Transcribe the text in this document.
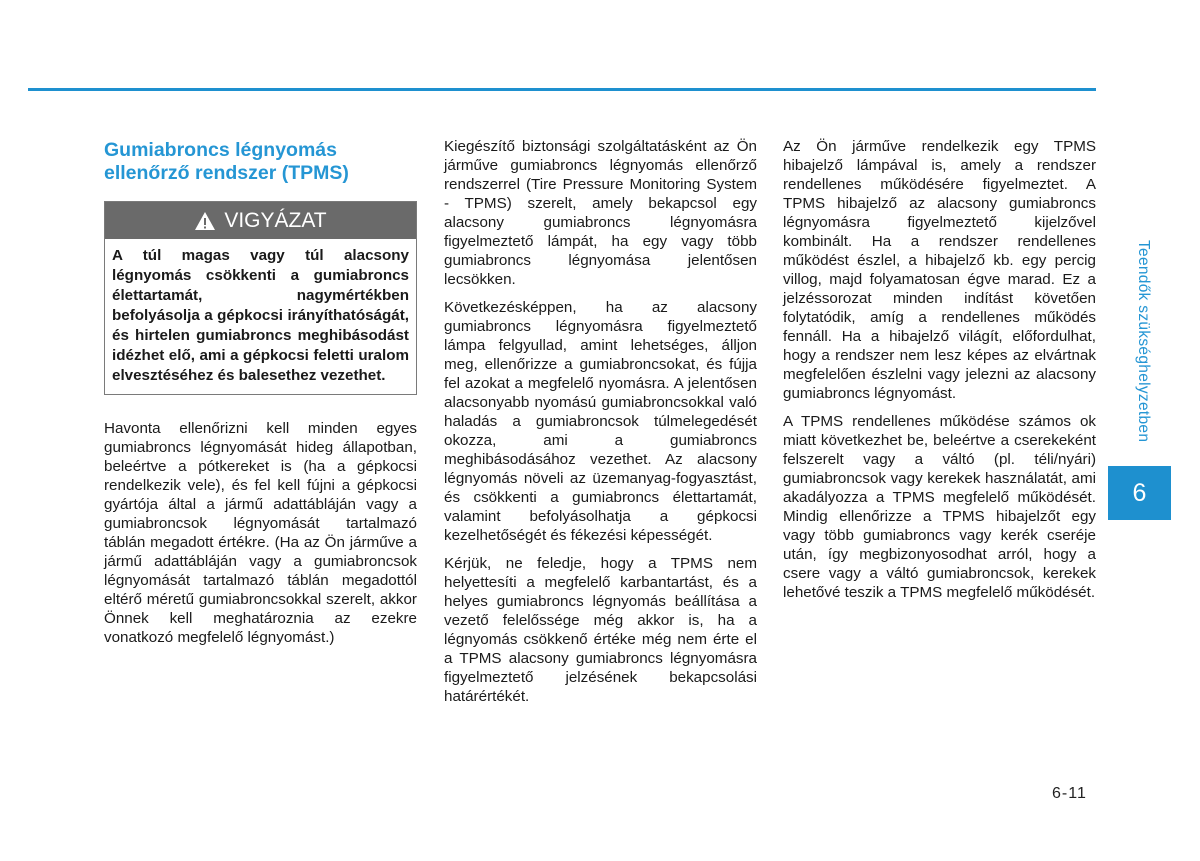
Gumiabroncs légnyomás
ellenőrző rendszer (TPMS)
VIGYÁZAT
A túl magas vagy túl alacsony légnyomás csökkenti a gumiabroncs élettartamát, nagymértékben befolyásolja a gépkocsi irányíthatóságát, és hirtelen gumiabroncs meghibásodást idézhet elő, ami a gépkocsi feletti uralom elvesztéséhez és balesethez vezethet.

Havonta ellenőrizni kell minden egyes gumiabroncs légnyomását hideg állapotban, beleértve a pótkereket is (ha a gépkocsi rendelkezik vele), és fel kell fújni a gépkocsi gyártója által a jármű adattábláján vagy a gumiabroncsok légnyomását tartalmazó táblán megadott értékre. (Ha az Ön járműve a jármű adattábláján vagy a gumiabroncsok légnyomását tartalmazó táblán megadottól eltérő méretű gumiabroncsokkal szerelt, akkor Önnek kell meghatároznia az ezekre vonatkozó megfelelő légnyomást.)

Kiegészítő biztonsági szolgáltatásként az Ön járműve gumiabroncs légnyomás ellenőrző rendszerrel (Tire Pressure Monitoring System - TPMS) szerelt, amely bekapcsol egy alacsony gumiabroncs légnyomásra figyelmeztető lámpát, ha egy vagy több gumiabroncs légnyomása jelentősen lecsökken.

Következésképpen, ha az alacsony gumiabroncs légnyomásra figyelmeztető lámpa felgyullad, amint lehetséges, álljon meg, ellenőrizze a gumiabroncsokat, és fújja fel azokat a megfelelő nyomásra. A jelentősen alacsonyabb nyomású gumiabroncsokkal való haladás a gumiabroncsok túlmelegedését okozza, ami a gumiabroncs meghibásodásához vezethet. Az alacsony légnyomás növeli az üzemanyag-fogyasztást, és csökkenti a gumiabroncs élettartamát, valamint befolyásolhatja a gépkocsi kezelhetőségét és fékezési képességét.

Kérjük, ne feledje, hogy a TPMS nem helyettesíti a megfelelő karbantartást, és a helyes gumiabroncs légnyomás beállítása a vezető felelőssége még akkor is, ha a légnyomás csökkenő értéke még nem érte el a TPMS alacsony gumiabroncs légnyomásra figyelmeztető jelzésének bekapcsolási határértékét.

Az Ön járműve rendelkezik egy TPMS hibajelző lámpával is, amely a rendszer rendellenes működésére figyelmeztet. A TPMS hibajelző az alacsony gumiabroncs légnyomásra figyelmeztető kijelzővel kombinált. Ha a rendszer rendellenes működést észlel, a hibajelző kb. egy percig villog, majd folyamatosan égve marad. Ez a jelzéssorozat minden indítást követően folytatódik, amíg a rendellenes működés fennáll. Ha a hibajelző világít, előfordulhat, hogy a rendszer nem lesz képes az elvártnak megfelelően észlelni vagy jelezni az alacsony gumiabroncs légnyomást.

A TPMS rendellenes működése számos ok miatt következhet be, beleértve a cserekeként felszerelt vagy a váltó (pl. téli/nyári) gumiabroncsok vagy kerekek használatát, ami akadályozza a TPMS megfelelő működését. Mindig ellenőrizze a TPMS hibajelzőt egy vagy több gumiabroncs vagy kerék cseréje után, így megbizonyosodhat arról, hogy a csere vagy a váltó gumiabroncsok, kerekek lehetővé teszik a TPMS megfelelő működését.

Teendők szükséghelyzetben
6
6-11
